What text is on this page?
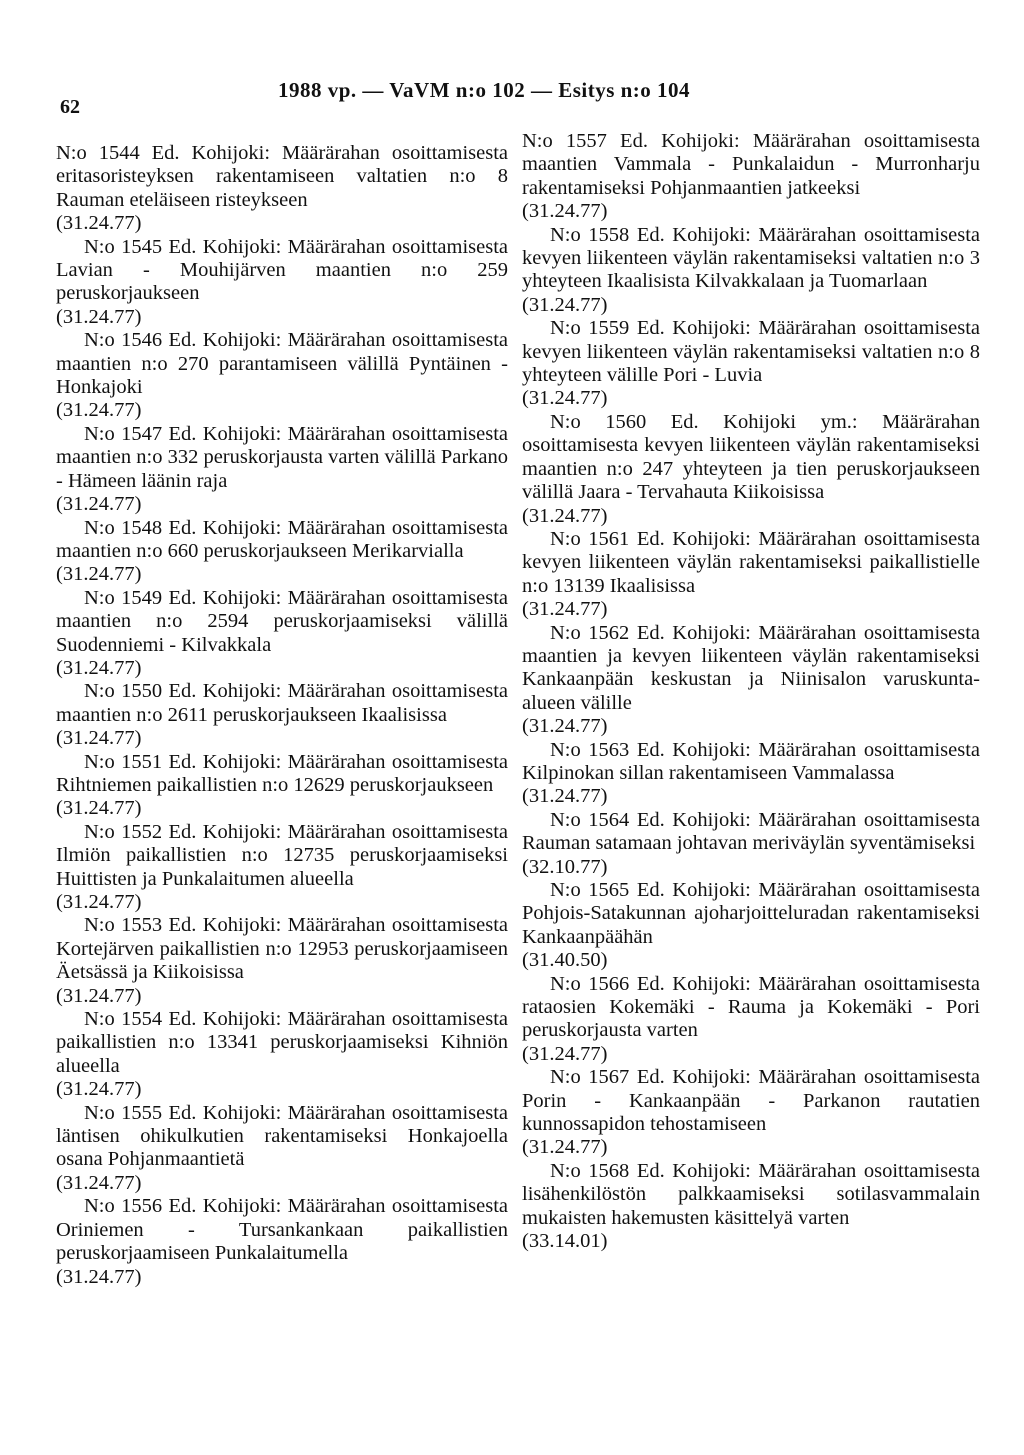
62
1988 vp. — VaVM n:o 102 — Esitys n:o 104
N:o 1544 Ed. Kohijoki: Määrärahan osoittamisesta eritasoristeyksen rakentamiseen valtatien n:o 8 Rauman eteläiseen risteykseen
(31.24.77)
N:o 1545 Ed. Kohijoki: Määrärahan osoittamisesta Lavian - Mouhijärven maantien n:o 259 peruskorjaukseen
(31.24.77)
N:o 1546 Ed. Kohijoki: Määrärahan osoittamisesta maantien n:o 270 parantamiseen välillä Pyntäinen - Honkajoki
(31.24.77)
N:o 1547 Ed. Kohijoki: Määrärahan osoittamisesta maantien n:o 332 peruskorjausta varten välillä Parkano - Hämeen läänin raja
(31.24.77)
N:o 1548 Ed. Kohijoki: Määrärahan osoittamisesta maantien n:o 660 peruskorjaukseen Merikarvialla
(31.24.77)
N:o 1549 Ed. Kohijoki: Määrärahan osoittamisesta maantien n:o 2594 peruskorjaamiseksi välillä Suodenniemi - Kilvakkala
(31.24.77)
N:o 1550 Ed. Kohijoki: Määrärahan osoittamisesta maantien n:o 2611 peruskorjaukseen Ikaalisissa
(31.24.77)
N:o 1551 Ed. Kohijoki: Määrärahan osoittamisesta Rihtniemen paikallistien n:o 12629 peruskorjaukseen
(31.24.77)
N:o 1552 Ed. Kohijoki: Määrärahan osoittamisesta Ilmiön paikallistien n:o 12735 peruskorjaamiseksi Huittisten ja Punkalaitumen alueella
(31.24.77)
N:o 1553 Ed. Kohijoki: Määrärahan osoittamisesta Kortejärven paikallistien n:o 12953 peruskorjaamiseen Äetsässä ja Kiikoisissa
(31.24.77)
N:o 1554 Ed. Kohijoki: Määrärahan osoittamisesta paikallistien n:o 13341 peruskorjaamiseksi Kihniön alueella
(31.24.77)
N:o 1555 Ed. Kohijoki: Määrärahan osoittamisesta läntisen ohikulkutien rakentamiseksi Honkajoella osana Pohjanmaantietä
(31.24.77)
N:o 1556 Ed. Kohijoki: Määrärahan osoittamisesta Oriniemen - Tursankankaan paikallistien peruskorjaamiseen Punkalaitumella
(31.24.77)
N:o 1557 Ed. Kohijoki: Määrärahan osoittamisesta maantien Vammala - Punkalaidun - Murronharju rakentamiseksi Pohjanmaantien jatkeeksi
(31.24.77)
N:o 1558 Ed. Kohijoki: Määrärahan osoittamisesta kevyen liikenteen väylän rakentamiseksi valtatien n:o 3 yhteyteen Ikaalisista Kilvakkalaan ja Tuomarlaan
(31.24.77)
N:o 1559 Ed. Kohijoki: Määrärahan osoittamisesta kevyen liikenteen väylän rakentamiseksi valtatien n:o 8 yhteyteen välille Pori - Luvia
(31.24.77)
N:o 1560 Ed. Kohijoki ym.: Määrärahan osoittamisesta kevyen liikenteen väylän rakentamiseksi maantien n:o 247 yhteyteen ja tien peruskorjaukseen välillä Jaara - Tervahauta Kiikoisissa
(31.24.77)
N:o 1561 Ed. Kohijoki: Määrärahan osoittamisesta kevyen liikenteen väylän rakentamiseksi paikallistielle n:o 13139 Ikaalisissa
(31.24.77)
N:o 1562 Ed. Kohijoki: Määrärahan osoittamisesta maantien ja kevyen liikenteen väylän rakentamiseksi Kankaanpään keskustan ja Niinisalon varuskunta-alueen välille
(31.24.77)
N:o 1563 Ed. Kohijoki: Määrärahan osoittamisesta Kilpinokan sillan rakentamiseen Vammalassa
(31.24.77)
N:o 1564 Ed. Kohijoki: Määrärahan osoittamisesta Rauman satamaan johtavan meriväylän syventämiseksi
(32.10.77)
N:o 1565 Ed. Kohijoki: Määrärahan osoittamisesta Pohjois-Satakunnan ajoharjoitteluradan rakentamiseksi Kankaanpäähän
(31.40.50)
N:o 1566 Ed. Kohijoki: Määrärahan osoittamisesta rataosien Kokemäki - Rauma ja Kokemäki - Pori peruskorjausta varten
(31.24.77)
N:o 1567 Ed. Kohijoki: Määrärahan osoittamisesta Porin - Kankaanpään - Parkanon rautatien kunnossapidon tehostamiseen
(31.24.77)
N:o 1568 Ed. Kohijoki: Määrärahan osoittamisesta lisähenkilöstön palkkaamiseksi sotilasvammalain mukaisten hakemusten käsittelyä varten
(33.14.01)
